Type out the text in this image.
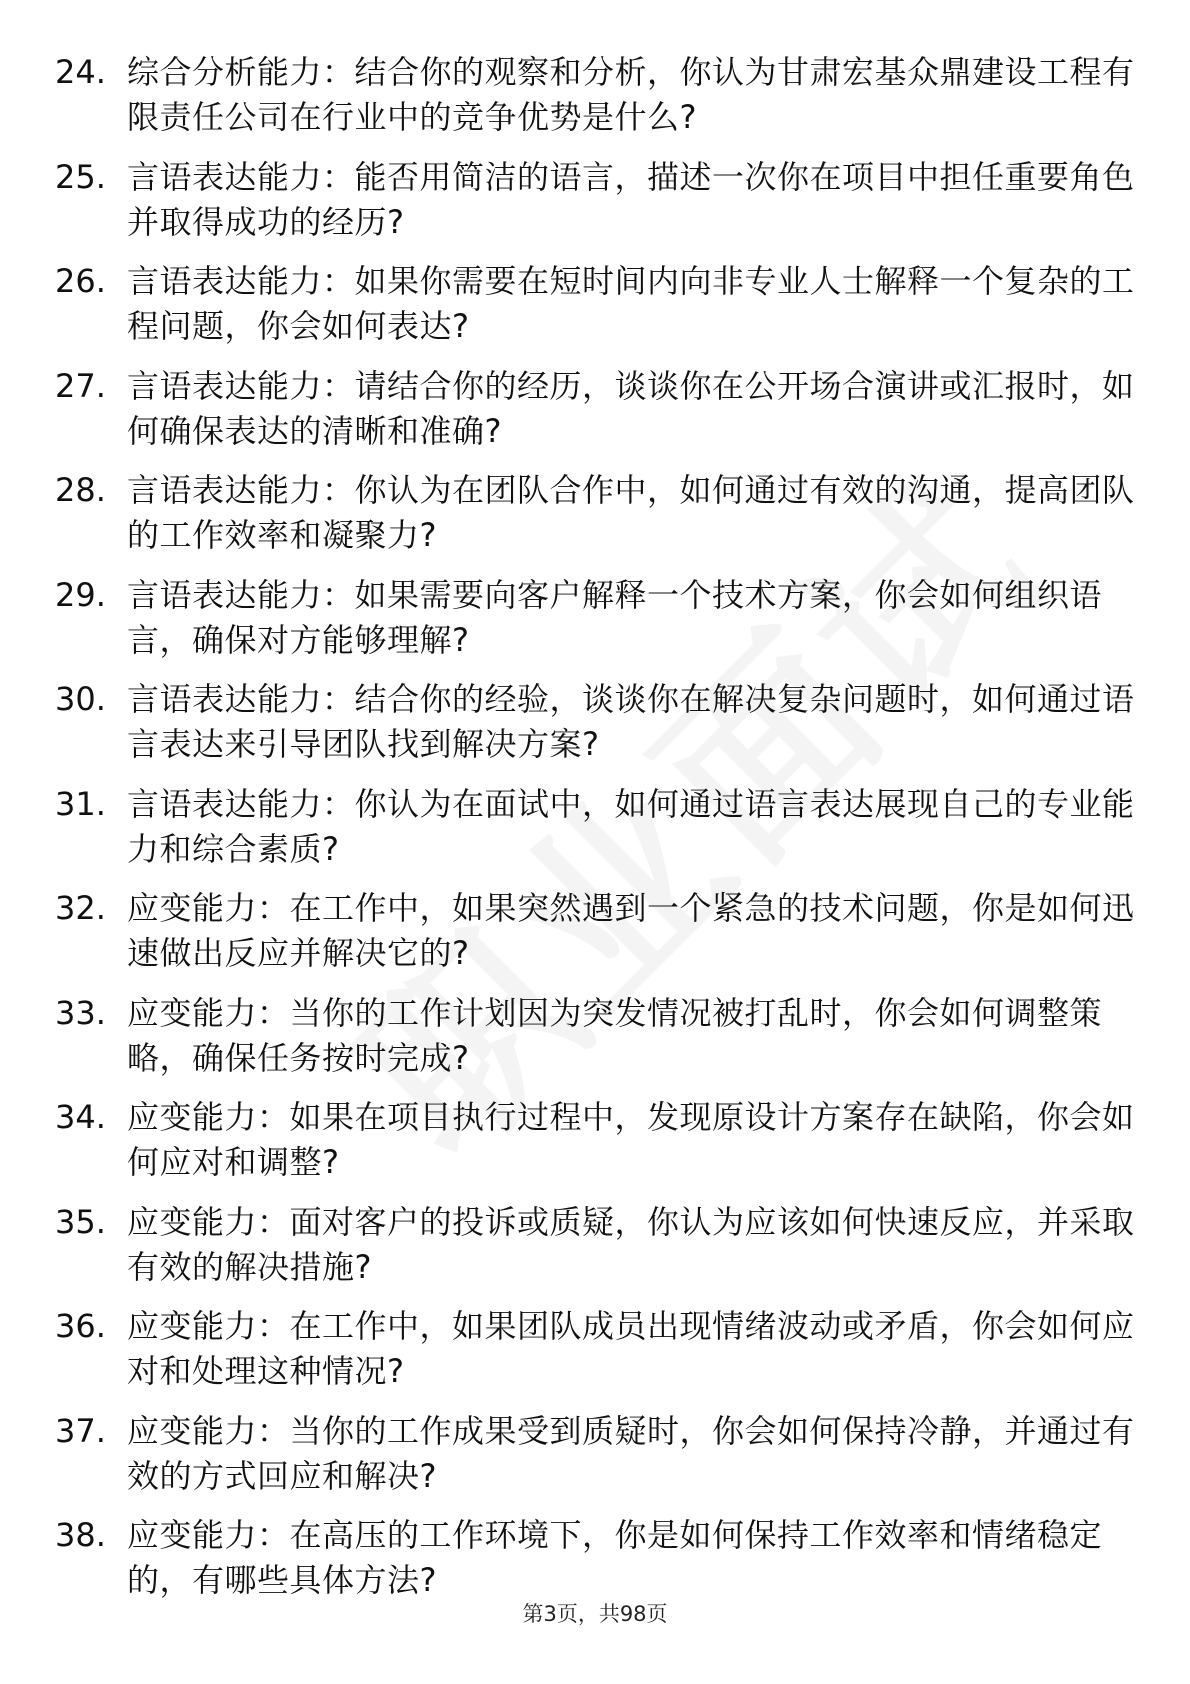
24. 综合分析能力：结合你的观察和分析，你认为甘肃宏基众鼎建设工程有限责任公司在行业中的竞争优势是什么?
25. 言语表达能力：能否用简洁的语言，描述一次你在项目中担任重要角色并取得成功的经历?
26. 言语表达能力：如果你需要在短时间内向非专业人士解释一个复杂的工程问题，你会如何表达?
27. 言语表达能力：请结合你的经历，谈谈你在公开场合演讲或汇报时，如何确保表达的清晰和准确?
28. 言语表达能力：你认为在团队合作中，如何通过有效的沟通，提高团队的工作效率和凝聚力?
29. 言语表达能力：如果需要向客户解释一个技术方案，你会如何组织语言，确保对方能够理解?
30. 言语表达能力：结合你的经验，谈谈你在解决复杂问题时，如何通过语言表达来引导团队找到解决方案?
31. 言语表达能力：你认为在面试中，如何通过语言表达展现自己的专业能力和综合素质?
32. 应变能力：在工作中，如果突然遇到一个紧急的技术问题，你是如何迅速做出反应并解决它的?
33. 应变能力：当你的工作计划因为突发情况被打乱时，你会如何调整策略，确保任务按时完成?
34. 应变能力：如果在项目执行过程中，发现原设计方案存在缺陷，你会如何应对和调整?
35. 应变能力：面对客户的投诉或质疑，你认为应该如何快速反应，并采取有效的解决措施?
36. 应变能力：在工作中，如果团队成员出现情绪波动或矛盾，你会如何应对和处理这种情况?
37. 应变能力：当你的工作成果受到质疑时，你会如何保持冷静，并通过有效的方式回应和解决?
38. 应变能力：在高压的工作环境下，你是如何保持工作效率和情绪稳定的，有哪些具体方法?
第3页，共98页
